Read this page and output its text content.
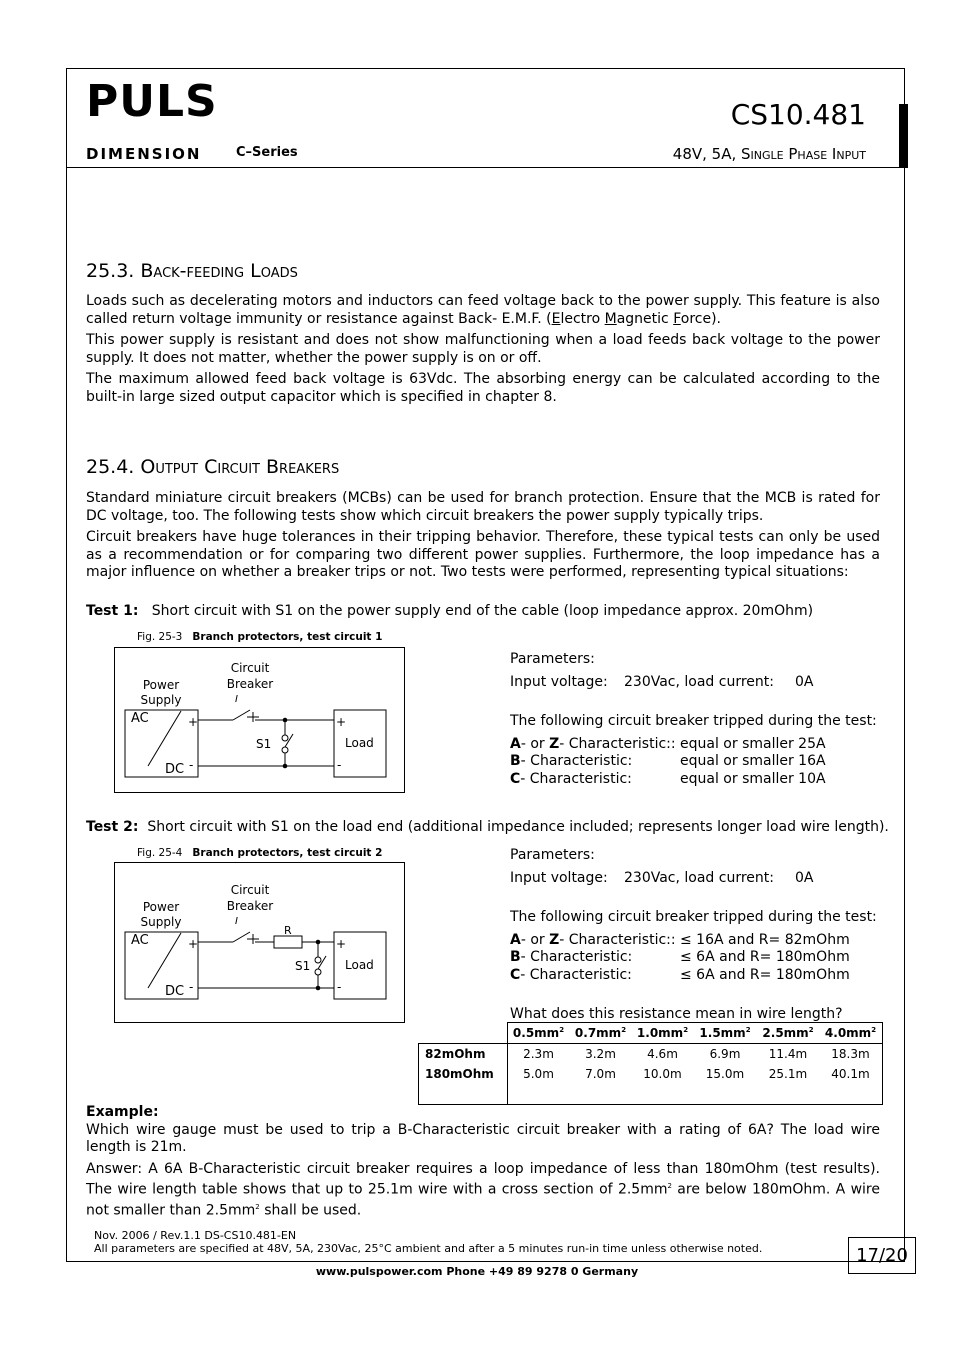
PULS
DIMENSION	C–Series
CS10.481
48V, 5A, Single Phase Input
25.3. Back-feeding Loads

Loads such as decelerating motors and inductors can feed voltage back to the power supply. This feature is also called return voltage immunity or resistance against Back- E.M.F. (Electro Magnetic Force).

This power supply is resistant and does not show malfunctioning when a load feeds back voltage to the power supply. It does not matter, whether the power supply is on or off.

The maximum allowed feed back voltage is 63Vdc. The absorbing energy can be calculated according to the built-in large sized output capacitor which is specified in chapter 8.

25.4. Output Circuit Breakers

Standard miniature circuit breakers (MCBs) can be used for branch protection. Ensure that the MCB is rated for DC voltage, too. The following tests show which circuit breakers the power supply typically trips.

Circuit breakers have huge tolerances in their tripping behavior. Therefore, these typical tests can only be used as a recommendation or for comparing two different power supplies. Furthermore, the loop impedance has a major influence on whether a breaker trips or not. Two tests were performed, representing typical situations:

Test 1: Short circuit with S1 on the power supply end of the cable (loop impedance approx. 20mOhm)
Fig. 25-3 Branch protectors, test circuit 1
Power
Supply
Circuit
Breaker
AC
DC
+
-
I
S1
+
-
Load
Parameters:
Input voltage:	230Vac, load current:	0A
The following circuit breaker tripped during the test:
A- or Z- Characteristic:: equal or smaller 25A
B- Characteristic:	equal or smaller 16A
C- Characteristic:	equal or smaller 10A
Test 2: Short circuit with S1 on the load end (additional impedance included; represents longer load wire length).
Fig. 25-4 Branch protectors, test circuit 2
Power
Supply
Circuit
Breaker
AC
DC
+
-
I
R
S1
+
-
Load
Parameters:
Input voltage:	230Vac, load current:	0A
The following circuit breaker tripped during the test:
A- or Z- Characteristic:: ≤ 16A and R= 82mOhm
B- Characteristic:	≤ 6A and R= 180mOhm
C- Characteristic:	≤ 6A and R= 180mOhm
What does this resistance mean in wire length?
	$0.5mm^2$	$0.7mm^2$	$1.0mm^2$	$1.5mm^2$	$2.5mm^2$	$4.0mm^2$
82mOhm	2.3m	3.2m	4.6m	6.9m	11.4m	18.3m
180mOhm	5.0m	7.0m	10.0m	15.0m	25.1m	40.1m

Example:
Which wire gauge must be used to trip a B-Characteristic circuit breaker with a rating of 6A? The load wire length is 21m.
Answer: A 6A B-Characteristic circuit breaker requires a loop impedance of less than 180mOhm (test results). The wire length table shows that up to 25.1m wire with a cross section of $2.5mm^2$ are below 180mOhm. A wire not smaller than $2.5mm^2$ shall be used.
Nov. 2006 / Rev.1.1 DS-CS10.481-EN
All parameters are specified at 48V, 5A, 230Vac, 25°C ambient and after a 5 minutes run-in time unless otherwise noted.	17/20
www.pulspower.com Phone +49 89 9278 0 Germany
